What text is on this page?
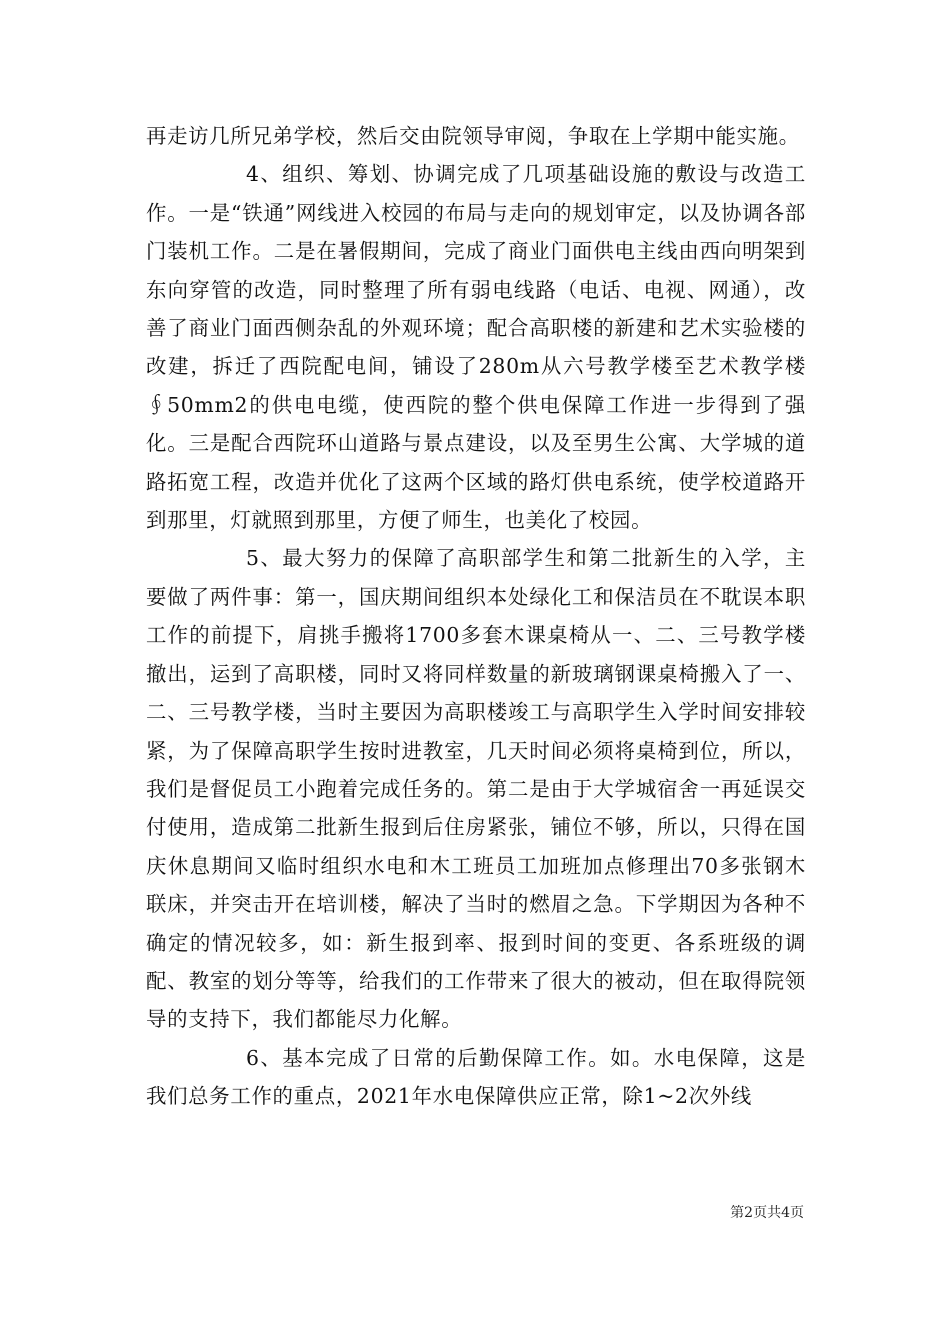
再走访几所兄弟学校，然后交由院领导审阅，争取在上学期中能实施。

4、组织、筹划、协调完成了几项基础设施的敷设与改造工作。一是“铁通”网线进入校园的布局与走向的规划审定，以及协调各部门装机工作。二是在暑假期间，完成了商业门面供电主线由西向明架到东向穿管的改造，同时整理了所有弱电线路（电话、电视、网通），改善了商业门面西侧杂乱的外观环境；配合高职楼的新建和艺术实验楼的改建，拆迁了西院配电间，铺设了280m从六号教学楼至艺术教学楼∮50mm2的供电电缆，使西院的整个供电保障工作进一步得到了强化。三是配合西院环山道路与景点建设，以及至男生公寓、大学城的道路拓宽工程，改造并优化了这两个区域的路灯供电系统，使学校道路开到那里，灯就照到那里，方便了师生，也美化了校园。

5、最大努力的保障了高职部学生和第二批新生的入学，主要做了两件事：第一，国庆期间组织本处绿化工和保洁员在不耽误本职工作的前提下，肩挑手搬将1700多套木课桌椅从一、二、三号教学楼撤出，运到了高职楼，同时又将同样数量的新玻璃钢课桌椅搬入了一、二、三号教学楼，当时主要因为高职楼竣工与高职学生入学时间安排较紧，为了保障高职学生按时进教室，几天时间必须将桌椅到位，所以，我们是督促员工小跑着完成任务的。第二是由于大学城宿舍一再延误交付使用，造成第二批新生报到后住房紧张，铺位不够，所以，只得在国庆休息期间又临时组织水电和木工班员工加班加点修理出70多张钢木联床，并突击开在培训楼，解决了当时的燃眉之急。下学期因为各种不确定的情况较多，如：新生报到率、报到时间的变更、各系班级的调配、教室的划分等等，给我们的工作带来了很大的被动，但在取得院领导的支持下，我们都能尽力化解。

6、基本完成了日常的后勤保障工作。如。水电保障，这是我们总务工作的重点，2021年水电保障供应正常，除1~2次外线

第2页共4页
